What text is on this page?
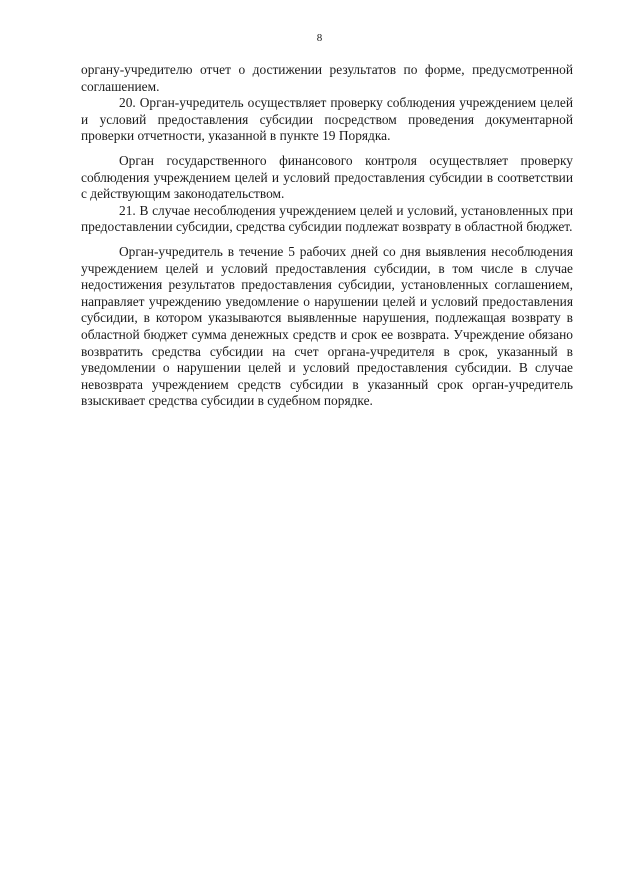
8

органу-учредителю отчет о достижении результатов по форме, предусмотренной соглашением.

20. Орган-учредитель осуществляет проверку соблюдения учреждением целей и условий предоставления субсидии посредством проведения документарной проверки отчетности, указанной в пункте 19 Порядка.

Орган государственного финансового контроля осуществляет проверку соблюдения учреждением целей и условий предоставления субсидии в соответствии с действующим законодательством.

21. В случае несоблюдения учреждением целей и условий, установленных при предоставлении субсидии, средства субсидии подлежат возврату в областной бюджет.

Орган-учредитель в течение 5 рабочих дней со дня выявления несоблюдения учреждением целей и условий предоставления субсидии, в том числе в случае недостижения результатов предоставления субсидии, установленных соглашением, направляет учреждению уведомление о нарушении целей и условий предоставления субсидии, в котором указываются выявленные нарушения, подлежащая возврату в областной бюджет сумма денежных средств и срок ее возврата. Учреждение обязано возвратить средства субсидии на счет органа-учредителя в срок, указанный в уведомлении о нарушении целей и условий предоставления субсидии. В случае невозврата учреждением средств субсидии в указанный срок орган-учредитель взыскивает средства субсидии в судебном порядке.
